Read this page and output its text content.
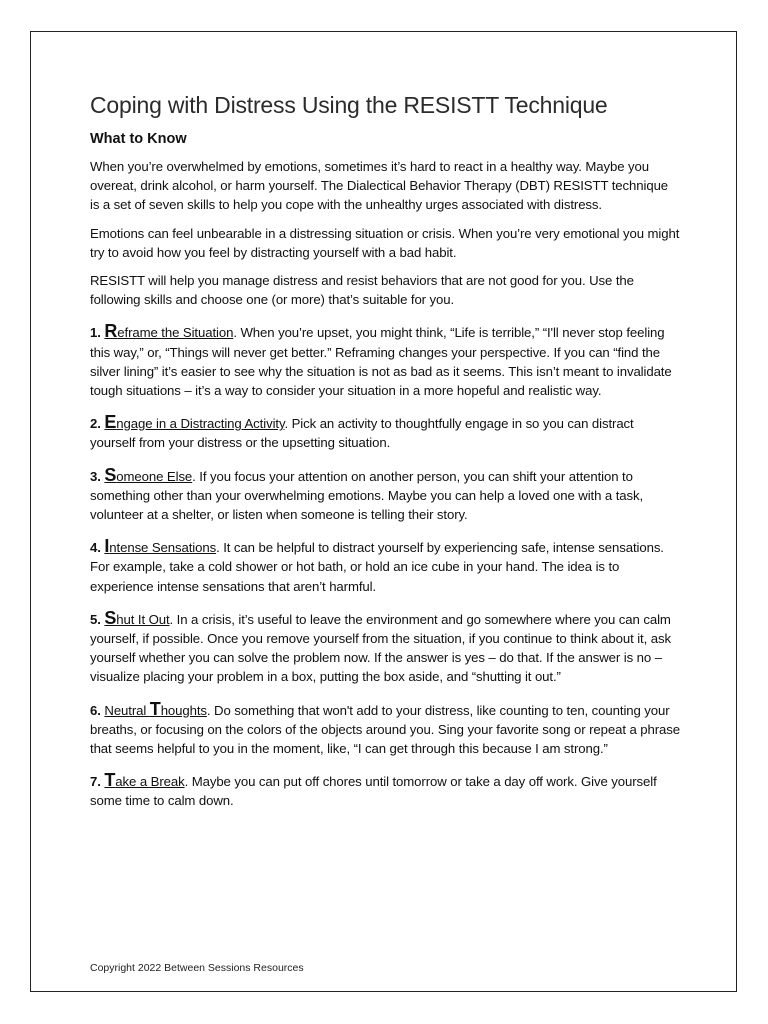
Coping with Distress Using the RESISTT Technique
What to Know

When you’re overwhelmed by emotions, sometimes it’s hard to react in a healthy way. Maybe you overeat, drink alcohol, or harm yourself. The Dialectical Behavior Therapy (DBT) RESISTT technique is a set of seven skills to help you cope with the unhealthy urges associated with distress.

Emotions can feel unbearable in a distressing situation or crisis. When you’re very emotional you might try to avoid how you feel by distracting yourself with a bad habit.

RESISTT will help you manage distress and resist behaviors that are not good for you. Use the following skills and choose one (or more) that’s suitable for you.

1. Reframe the Situation. When you’re upset, you might think, “Life is terrible,” “I'll never stop feeling this way,” or, “Things will never get better.” Reframing changes your perspective. If you can “find the silver lining” it’s easier to see why the situation is not as bad as it seems. This isn’t meant to invalidate tough situations – it’s a way to consider your situation in a more hopeful and realistic way.

2. Engage in a Distracting Activity. Pick an activity to thoughtfully engage in so you can distract yourself from your distress or the upsetting situation.

3. Someone Else. If you focus your attention on another person, you can shift your attention to something other than your overwhelming emotions. Maybe you can help a loved one with a task, volunteer at a shelter, or listen when someone is telling their story.

4. Intense Sensations. It can be helpful to distract yourself by experiencing safe, intense sensations. For example, take a cold shower or hot bath, or hold an ice cube in your hand. The idea is to experience intense sensations that aren’t harmful.

5. Shut It Out. In a crisis, it’s useful to leave the environment and go somewhere where you can calm yourself, if possible. Once you remove yourself from the situation, if you continue to think about it, ask yourself whether you can solve the problem now. If the answer is yes – do that. If the answer is no – visualize placing your problem in a box, putting the box aside, and “shutting it out.”

6. Neutral Thoughts. Do something that won't add to your distress, like counting to ten, counting your breaths, or focusing on the colors of the objects around you. Sing your favorite song or repeat a phrase that seems helpful to you in the moment, like, “I can get through this because I am strong.”

7. Take a Break. Maybe you can put off chores until tomorrow or take a day off work. Give yourself some time to calm down.

Copyright 2022 Between Sessions Resources
